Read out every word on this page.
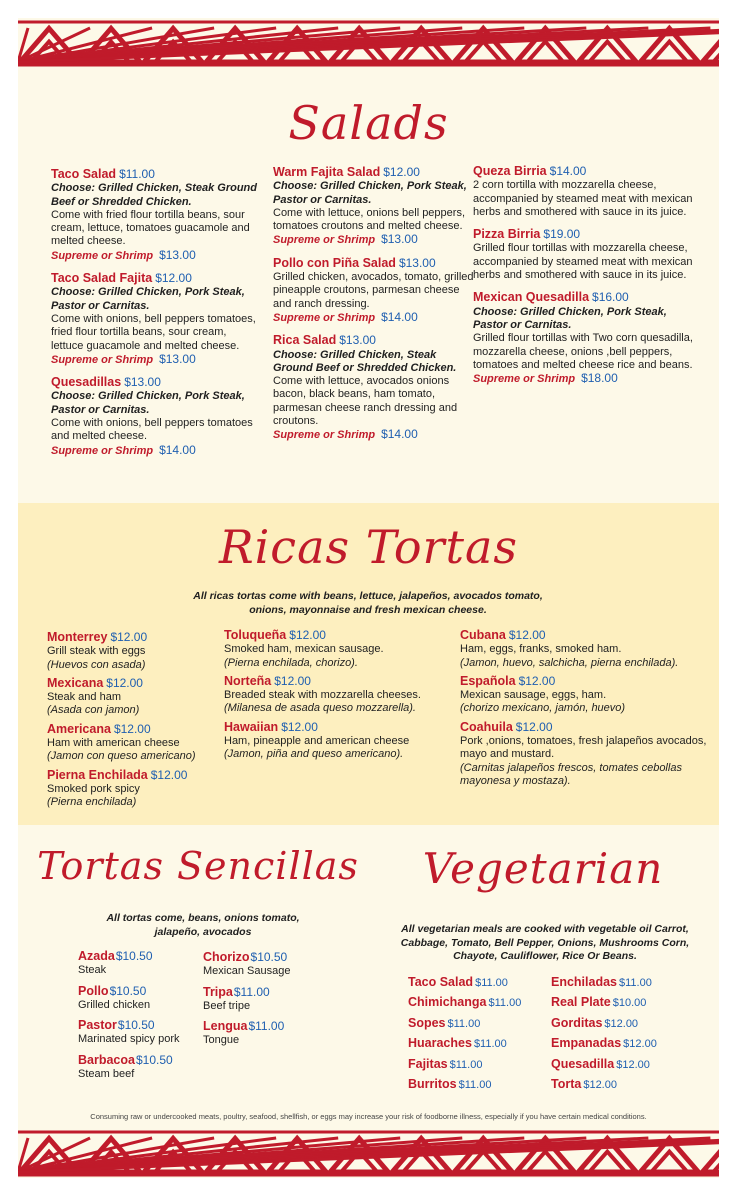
Salads
Taco Salad $11.00
Choose: Grilled Chicken, Steak Ground Beef or Shredded Chicken.
Come with fried flour tortilla beans, sour cream, lettuce, tomatoes guacamole and melted cheese.
Supreme or Shrimp $13.00
Taco Salad Fajita $12.00
Choose: Grilled Chicken, Pork Steak, Pastor or Carnitas.
Come with onions, bell peppers tomatoes, fried flour tortilla beans, sour cream, lettuce guacamole and melted cheese.
Supreme or Shrimp $13.00
Quesadillas $13.00
Choose: Grilled Chicken, Pork Steak, Pastor or Carnitas.
Come with onions, bell peppers tomatoes and melted cheese.
Supreme or Shrimp $14.00
Warm Fajita Salad $12.00
Choose: Grilled Chicken, Pork Steak, Pastor or Carnitas.
Come with lettuce, onions bell peppers, tomatoes croutons and melted cheese.
Supreme or Shrimp $13.00
Pollo con Piña Salad $13.00
Grilled chicken, avocados, tomato, grilled pineapple croutons, parmesan cheese and ranch dressing.
Supreme or Shrimp $14.00
Rica Salad $13.00
Choose: Grilled Chicken, Steak Ground Beef or Shredded Chicken.
Come with lettuce, avocados onions bacon, black beans, ham tomato, parmesan cheese ranch dressing and croutons.
Supreme or Shrimp $14.00
Queza Birria $14.00
2 corn tortilla with mozzarella cheese, accompanied by steamed meat with mexican herbs and smothered with sauce in its juice.
Pizza Birria $19.00
Grilled flour tortillas with mozzarella cheese, accompanied by steamed meat with mexican herbs and smothered with sauce in its juice.
Mexican Quesadilla $16.00
Choose: Grilled Chicken, Pork Steak, Pastor or Carnitas.
Grilled flour tortillas with Two corn quesadilla, mozzarella cheese, onions ,bell peppers, tomatoes and melted cheese rice and beans.
Supreme or Shrimp $18.00
Ricas Tortas
All ricas tortas come with beans, lettuce, jalapeños, avocados tomato, onions, mayonnaise and fresh mexican cheese.
Monterrey $12.00
Grill steak with eggs
(Huevos con asada)
Mexicana $12.00
Steak and ham
(Asada con jamon)
Americana $12.00
Ham with american cheese
(Jamon con queso americano)
Pierna Enchilada $12.00
Smoked pork spicy
(Pierna enchilada)
Toluqueña $12.00
Smoked ham, mexican sausage.
(Pierna enchilada, chorizo).
Norteña $12.00
Breaded steak with mozzarella cheeses.
(Milanesa de asada queso mozzarella).
Hawaiian $12.00
Ham, pineapple and american cheese
(Jamon, piña and queso americano).
Cubana $12.00
Ham, eggs, franks, smoked ham.
(Jamon, huevo, salchicha, pierna enchilada).
Española $12.00
Mexican sausage, eggs, ham.
(chorizo mexicano, jamón, huevo)
Coahuila $12.00
Pork ,onions, tomatoes, fresh jalapeños avocados, mayo and mustard.
(Carnitas jalapeños frescos, tomates cebollas mayonesa y mostaza).
Tortas Sencillas
All tortas come, beans, onions tomato, jalapeño, avocados
Azada$10.50
Steak
Pollo$10.50
Grilled chicken
Pastor$10.50
Marinated spicy pork
Barbacoa$10.50
Steam beef
Chorizo$10.50
Mexican Sausage
Tripa$11.00
Beef tripe
Lengua$11.00
Tongue
Vegetarian
All vegetarian meals are cooked with vegetable oil Carrot, Cabbage, Tomato, Bell Pepper, Onions, Mushrooms Corn, Chayote, Cauliflower, Rice Or Beans.
Taco Salad $11.00
Chimichanga $11.00
Sopes $11.00
Huaraches $11.00
Fajitas $11.00
Burritos $11.00
Enchiladas $11.00
Real Plate $10.00
Gorditas $12.00
Empanadas $12.00
Quesadilla $12.00
Torta $12.00
Consuming raw or undercooked meats, poultry, seafood, shellfish, or eggs may increase your risk of foodborne illness, especially if you have certain medical conditions.
